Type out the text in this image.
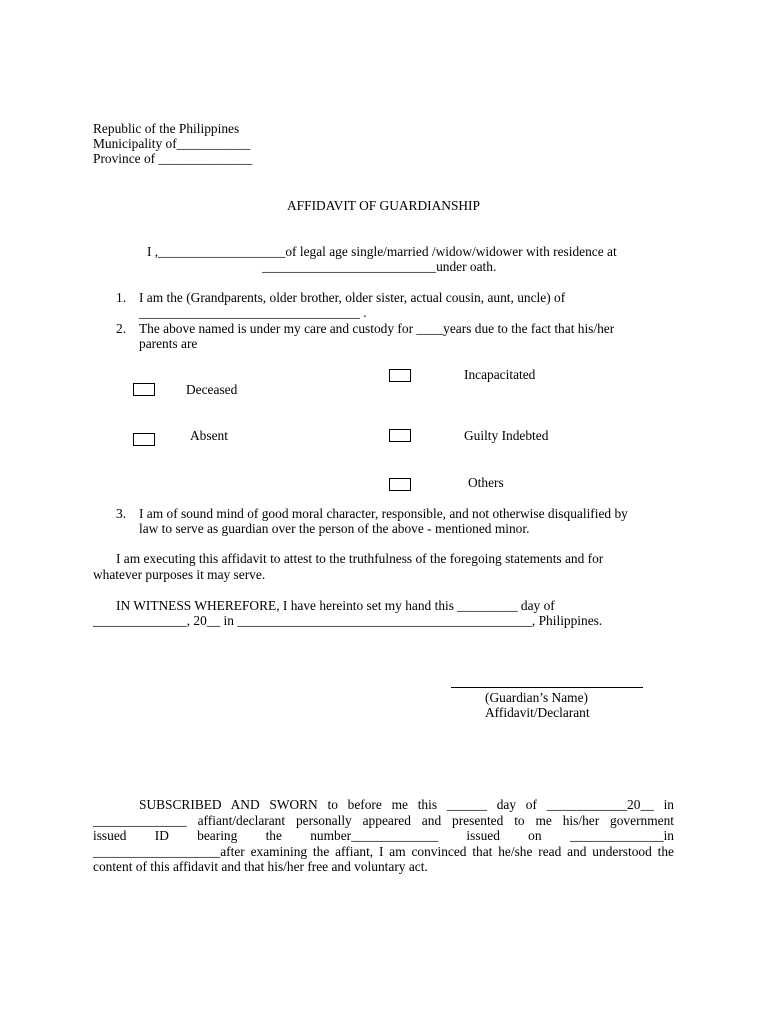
Republic of the Philippines
Municipality of___________
Province of ______________
AFFIDAVIT OF GUARDIANSHIP
I ,___________________of legal age single/married /widow/widower with residence at
__________________________under oath.
1. I am the (Grandparents, older brother, older sister, actual cousin, aunt, uncle) of
_________________________________ .
2. The above named is under my care and custody for ____years due to the fact that his/her
parents are
Incapacitated
Deceased
Absent	Guilty Indebted
Others
3. I am of sound mind of good moral character, responsible, and not otherwise disqualified by
law to serve as guardian over the person of the above - mentioned minor.
I am executing this affidavit to attest to the truthfulness of the foregoing statements and for
whatever purposes it may serve.
IN WITNESS WHEREFORE, I have hereinto set my hand this _________ day of
______________, 20__ in ____________________________________________, Philippines.
(Guardian’s Name)
Affidavit/Declarant
SUBSCRIBED AND SWORN to before me this ______ day of ____________20__ in
______________ affiant/declarant personally appeared and presented to me his/her government
issued ID bearing the number_____________ issued on ______________in
___________________after examining the affiant, I am convinced that he/she read and understood the
content of this affidavit and that his/her free and voluntary act.
